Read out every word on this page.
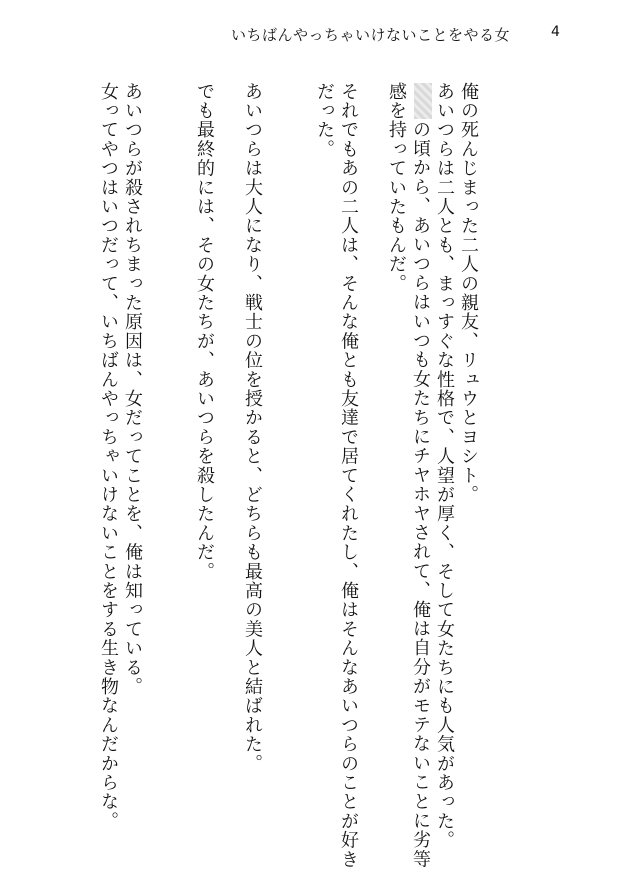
いちばんやっちゃいけないことをやる女	4
俺の死んじまった二人の親友、リュウとヨシト。
あいつらは二人とも、まっすぐな性格で、人望が厚く、そして女たちにも人気があった。
の頃から、あいつらはいつも女たちにチヤホヤされて、俺は自分がモテないことに劣等
感を持っていたもんだ。
それでもあの二人は、そんな俺とも友達で居てくれたし、俺はそんなあいつらのことが好き
だった。
あいつらは大人になり、戦士の位を授かると、どちらも最高の美人と結ばれた。
でも最終的には、その女たちが、あいつらを殺したんだ。
あいつらが殺されちまった原因は、女だってことを、俺は知っている。
女ってやつはいつだって、いちばんやっちゃいけないことをする生き物なんだからな。
